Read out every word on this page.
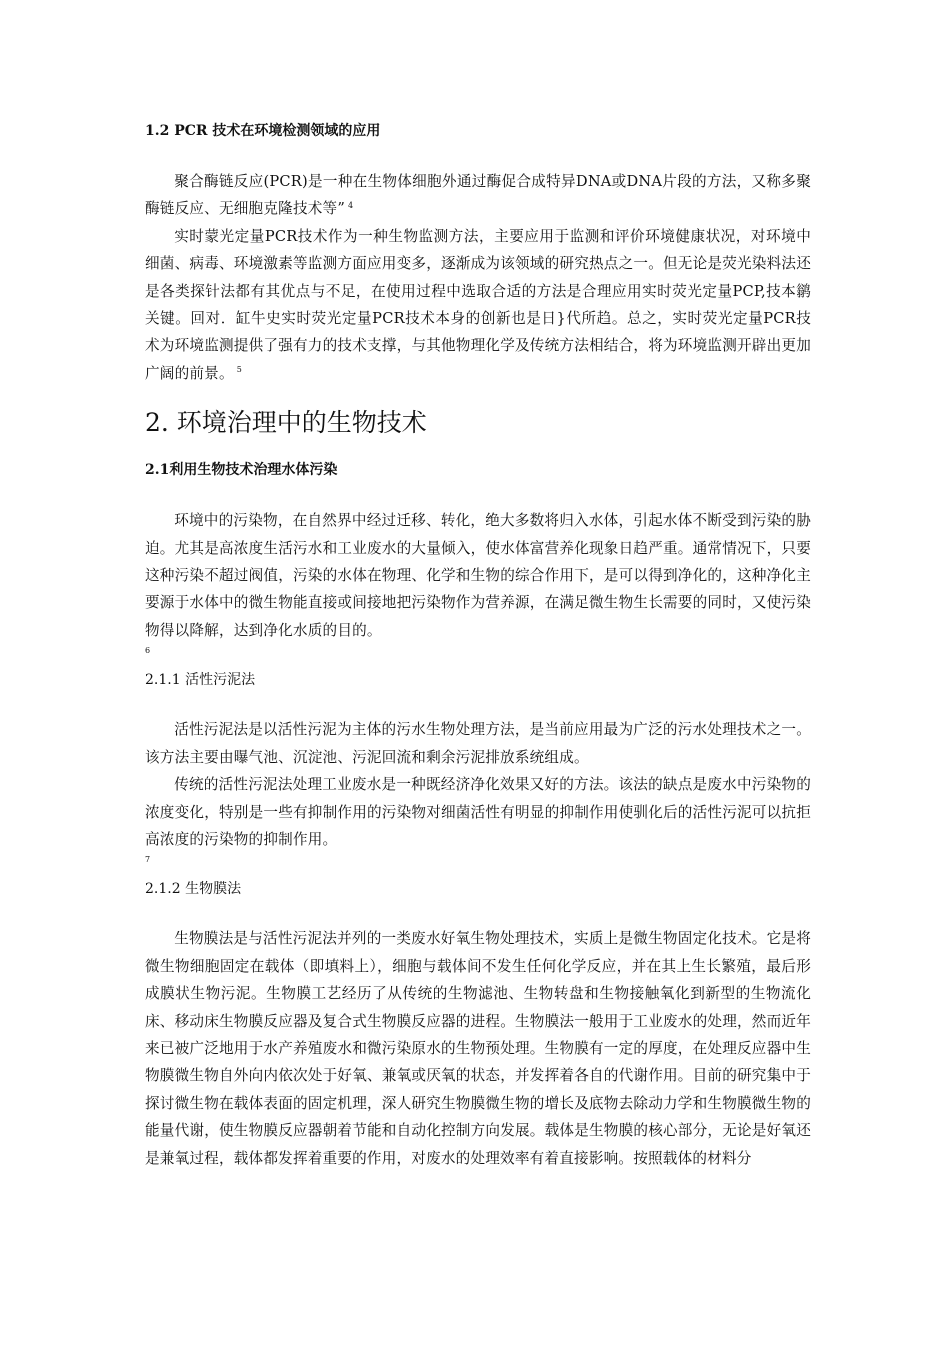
1.2 PCR 技术在环境检测领域的应用

聚合酶链反应(PCR)是一种在生物体细胞外通过酶促合成特异DNA或DNA片段的方法，又称多聚酶链反应、无细胞克隆技术等” $^4$

实时蒙光定量PCR技术作为一种生物监测方法，主要应用于监测和评价环境健康状况，对环境中细菌、病毒、环境激素等监测方面应用变多，逐渐成为该领域的研究热点之一。但无论是荧光染料法还是各类探针法都有其优点与不足，在使用过程中选取合适的方法是合理应用实时荧光定量PCP,技本鹟关键。回对．缸牛史实时荧光定量PCR技术本身的创新也是日}代所趋。总之，实时荧光定量PCR技术为环境监测提供了强有力的技术支撑，与其他物理化学及传统方法相结合，将为环境监测开辟出更加广阔的前景。 $^5$

2. 环境治理中的生物技术
2.1利用生物技术治理水体污染

环境中的污染物，在自然界中经过迁移、转化，绝大多数将归入水体，引起水体不断受到污染的胁迫。尤其是高浓度生活污水和工业废水的大量倾入，使水体富营养化现象日趋严重。通常情况下，只要这种污染不超过阀值，污染的水体在物理、化学和生物的综合作用下，是可以得到净化的，这种净化主要源于水体中的微生物能直接或间接地把污染物作为营养源，在满足微生物生长需要的同时，又使污染物得以降解，达到净化水质的目的。

6

2.1.1 活性污泥法

活性污泥法是以活性污泥为主体的污水生物处理方法，是当前应用最为广泛的污水处理技术之一。该方法主要由曝气池、沉淀池、污泥回流和剩余污泥排放系统组成。

传统的活性污泥法处理工业废水是一种既经济净化效果又好的方法。该法的缺点是废水中污染物的浓度变化，特别是一些有抑制作用的污染物对细菌活性有明显的抑制作用使驯化后的活性污泥可以抗拒高浓度的污染物的抑制作用。

7

2.1.2 生物膜法

生物膜法是与活性污泥法并列的一类废水好氧生物处理技术，实质上是微生物固定化技术。它是将微生物细胞固定在载体（即填料上），细胞与载体间不发生任何化学反应，并在其上生长繁殖，最后形成膜状生物污泥。生物膜工艺经历了从传统的生物滤池、生物转盘和生物接触氧化到新型的生物流化床、移动床生物膜反应器及复合式生物膜反应器的进程。生物膜法一般用于工业废水的处理，然而近年来已被广泛地用于水产养殖废水和微污染原水的生物预处理。生物膜有一定的厚度，在处理反应器中生物膜微生物自外向内依次处于好氧、兼氧或厌氧的状态，并发挥着各自的代谢作用。目前的研究集中于探讨微生物在载体表面的固定机理，深人研究生物膜微生物的增长及底物去除动力学和生物膜微生物的能量代谢，使生物膜反应器朝着节能和自动化控制方向发展。载体是生物膜的核心部分，无论是好氧还是兼氧过程，载体都发挥着重要的作用，对废水的处理效率有着直接影响。按照载体的材料分
